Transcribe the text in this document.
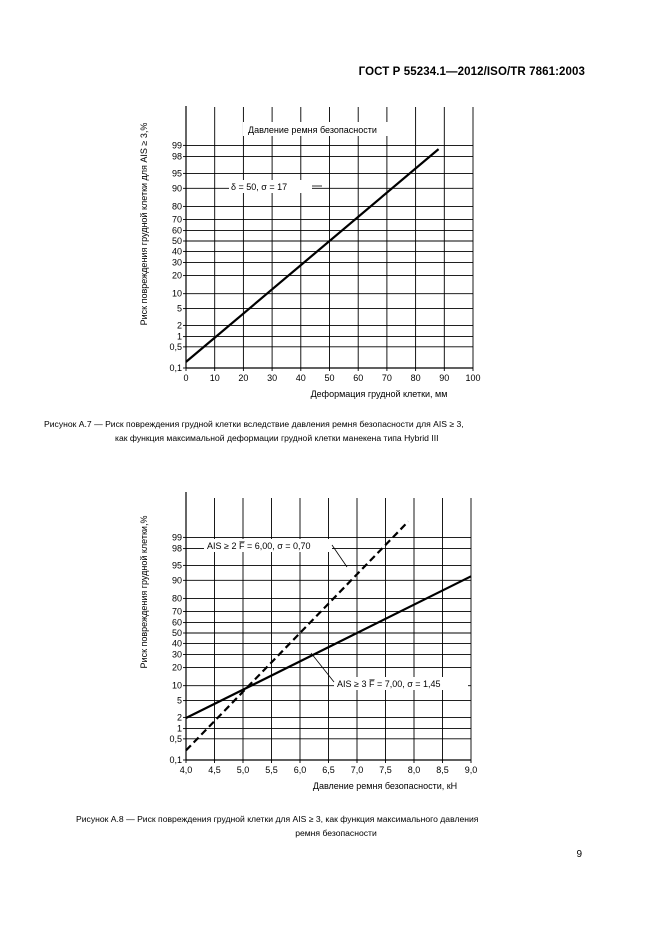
ГОСТ Р 55234.1—2012/ISO/TR 7861:2003
0,1
0,5
1
2
5
10
20
30
40
50
60
70
80
90
95
98
99
0 10 20 30 40 50 60 70 80 90 100
Деформация грудной клетки, мм
Риск повреждения грудной клетки для AIS ≥ 3,%	Давление ремня безопасности
δ = 50, σ = 17
Рисунок А.7 — Риск повреждения грудной клетки вследствие давления ремня безопасности для AIS ≥ 3,
как функция максимальной деформации грудной клетки манекена типа Hybrid III
0,1
0,5
1
2
5
10
20
30
40
50
60
70
80
90
95
98
99
4,0 4,5 5,0 5,5 6,0 6,5 7,0 7,5 8,0 8,5 9,0
Давление ремня безопасности, кН
Риск повреждения грудной клетки,%	AIS ≥ 2 F̅ = 6,00, σ = 0,70
AIS ≥ 3 F̅ = 7,00, σ = 1,45
Рисунок А.8 — Риск повреждения грудной клетки для AIS ≥ 3, как функция максимального давления
ремня безопасности
9
